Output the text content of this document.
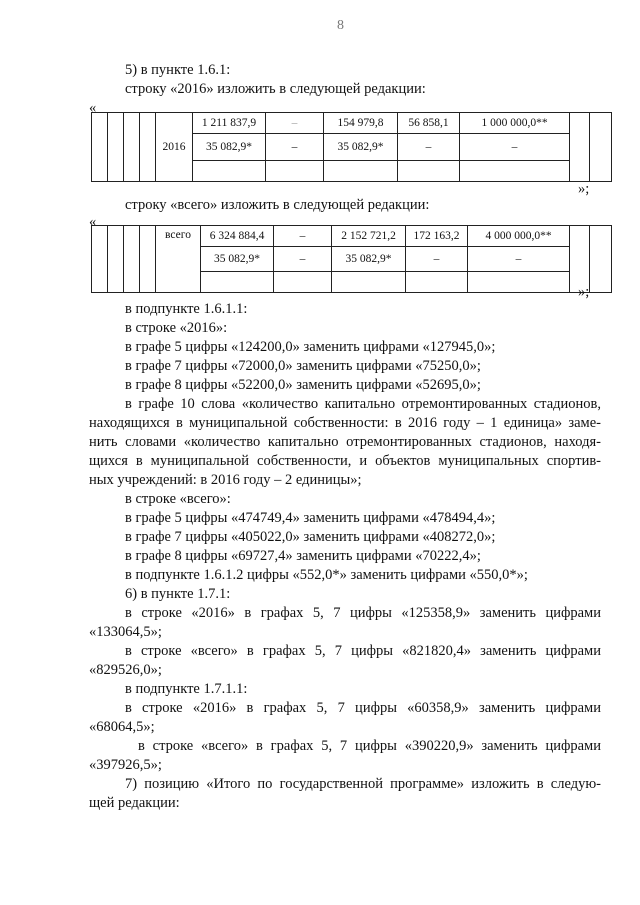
8
5) в пункте 1.6.1:
строку «2016» изложить в следующей редакции:
«
				2016	1 211 837,9	–	154 979,8	56 858,1	1 000 000,0**		
					35 082,9*	–	35 082,9*	–	–		

»;
строку «всего» изложить в следующей редакции:
«
				всего	6 324 884,4	–	2 152 721,2	172 163,2	4 000 000,0**		
					35 082,9*	–	35 082,9*	–	–		

»;
в подпункте 1.6.1.1:
в строке «2016»:
в графе 5 цифры «124200,0» заменить цифрами «127945,0»;
в графе 7 цифры «72000,0» заменить цифрами «75250,0»;
в графе 8 цифры «52200,0» заменить цифрами «52695,0»;
в графе 10 слова «количество капитально отремонтированных стадионов,
находящихся в муниципальной собственности: в 2016 году – 1 единица» заме-
нить словами «количество капитально отремонтированных стадионов, находя-
щихся в муниципальной собственности, и объектов муниципальных спортив-
ных учреждений: в 2016 году – 2 единицы»;
в строке «всего»:
в графе 5 цифры «474749,4» заменить цифрами «478494,4»;
в графе 7 цифры «405022,0» заменить цифрами «408272,0»;
в графе 8 цифры «69727,4» заменить цифрами «70222,4»;
в подпункте 1.6.1.2 цифры «552,0*» заменить цифрами «550,0*»;
6) в пункте 1.7.1:
в строке «2016» в графах 5, 7 цифры «125358,9» заменить цифрами
«133064,5»;
в строке «всего» в графах 5, 7 цифры «821820,4» заменить цифрами
«829526,0»;
в подпункте 1.7.1.1:
в строке «2016» в графах 5, 7 цифры «60358,9» заменить цифрами
«68064,5»;
в строке «всего» в графах 5, 7 цифры «390220,9» заменить цифрами
«397926,5»;
7) позицию «Итого по государственной программе» изложить в следую-
щей редакции:
